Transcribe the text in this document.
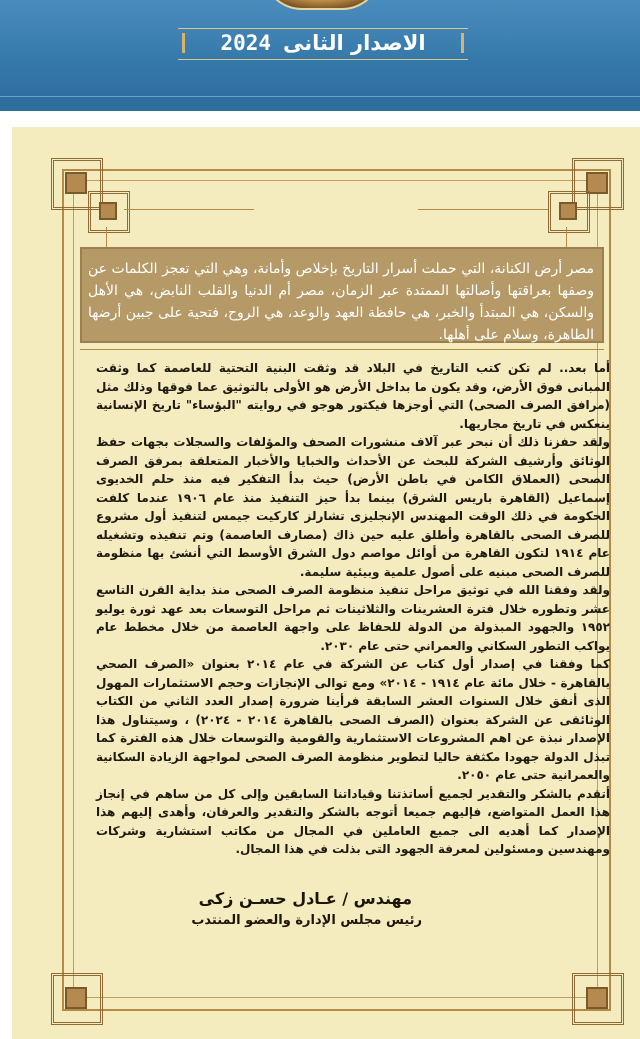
الاصدار الثانى2024
مصر أرض الكنانة، التي حملت أسرار التاريخ بإخلاص وأمانة، وهي التي تعجز الكلمات عن وصفها بعراقتها وأصالتها الممتدة عبر الزمان، مصر أم الدنيا والقلب النابض، هي الأهل والسكن، هي المبتدأ والخبر، هي حافظة العهد والوعد، هي الروح، فتحية على جبين أرضها الطاهرة، وسلام على أهلها.

أما بعد.. لم تكن كتب التاريخ في البلاد قد وثقت البنية التحتية للعاصمة كما وثقت المبانى فوق الأرض، وقد يكون ما بداخل الأرض هو الأولى بالتوثيق عما فوقها وذلك مثل (مرافق الصرف الصحى) التي أوجزها فيكتور هوجو في روايته "البؤساء" تاريخ الإنسانية ينعكس في تاريخ مجاريها.

ولقد حفزنا ذلك أن نبحر عبر آلاف منشورات الصحف والمؤلفات والسجلات بجهات حفظ الوثائق وأرشيف الشركة للبحث عن الأحداث والخبايا والأخبار المتعلقة بمرفق الصرف الصحى (العملاق الكامن في باطن الأرض) حيث بدأ التفكير فيه منذ حلم الخديوى إسماعيل (القاهرة باريس الشرق) بينما بدأ حيز التنفيذ منذ عام ١٩٠٦ عندما كلفت الحكومة في ذلك الوقت المهندس الإنجليزى تشارلز كاركيت جيمس لتنفيذ أول مشروع للصرف الصحى بالقاهرة وأطلق عليه حين ذاك (مصارف العاصمة) وتم تنفيذه وتشغيله عام ١٩١٤ لتكون القاهرة من أوائل مواصم دول الشرق الأوسط التي أنشئ بها منظومة للصرف الصحى مبنيه على أصول علمية وبيئية سليمة.

ولقد وفقنا الله في توثيق مراحل تنفيذ منظومة الصرف الصحى منذ بداية القرن التاسع عشر وتطوره خلال فترة العشرينات والثلاثينات ثم مراحل التوسعات بعد عهد ثورة يوليو ١٩٥٢ والجهود المبذولة من الدولة للحفاظ على واجهة العاصمة من خلال مخطط عام يواكب التطور السكاني والعمراني حتى عام ٢٠٣٠.

كما وفقنا في إصدار أول كتاب عن الشركة في عام ٢٠١٤ بعنوان «الصرف الصحي بالقاهرة - خلال مائة عام ١٩١٤ - ٢٠١٤» ومع توالى الإنجازات وحجم الاستثمارات المهول الذى أنفق خلال السنوات العشر السابقة فرأينا ضرورة إصدار العدد الثاني من الكتاب الوثائقى عن الشركة بعنوان (الصرف الصحى بالقاهرة ٢٠١٤ - ٢٠٢٤) ، وسيتناول هذا الإصدار نبذة عن اهم المشروعات الاستثمارية والقومية والتوسعات خلال هذه الفترة كما تبذل الدولة جهودا مكثفة حاليا لتطوير منظومة الصرف الصحى لمواجهة الزيادة السكانية والعمرانية حتى عام ٢٠٥٠.

أتقدم بالشكر والتقدير لجميع أساتذتنا وقياداتنا السابقين وإلى كل من ساهم في إنجاز هذا العمل المتواضع، فإليهم جميعا أتوجه بالشكر والتقدير والعرفان، وأهدى إليهم هذا الإصدار كما أهديه الى جميع العاملين في المجال من مكاتب استشارية وشركات ومهندسين ومسئولين لمعرفة الجهود التى بذلت في هذا المجال.

مهندس / عـادل حسـن زكى
رئيس مجلس الإدارة والعضو المنتدب
